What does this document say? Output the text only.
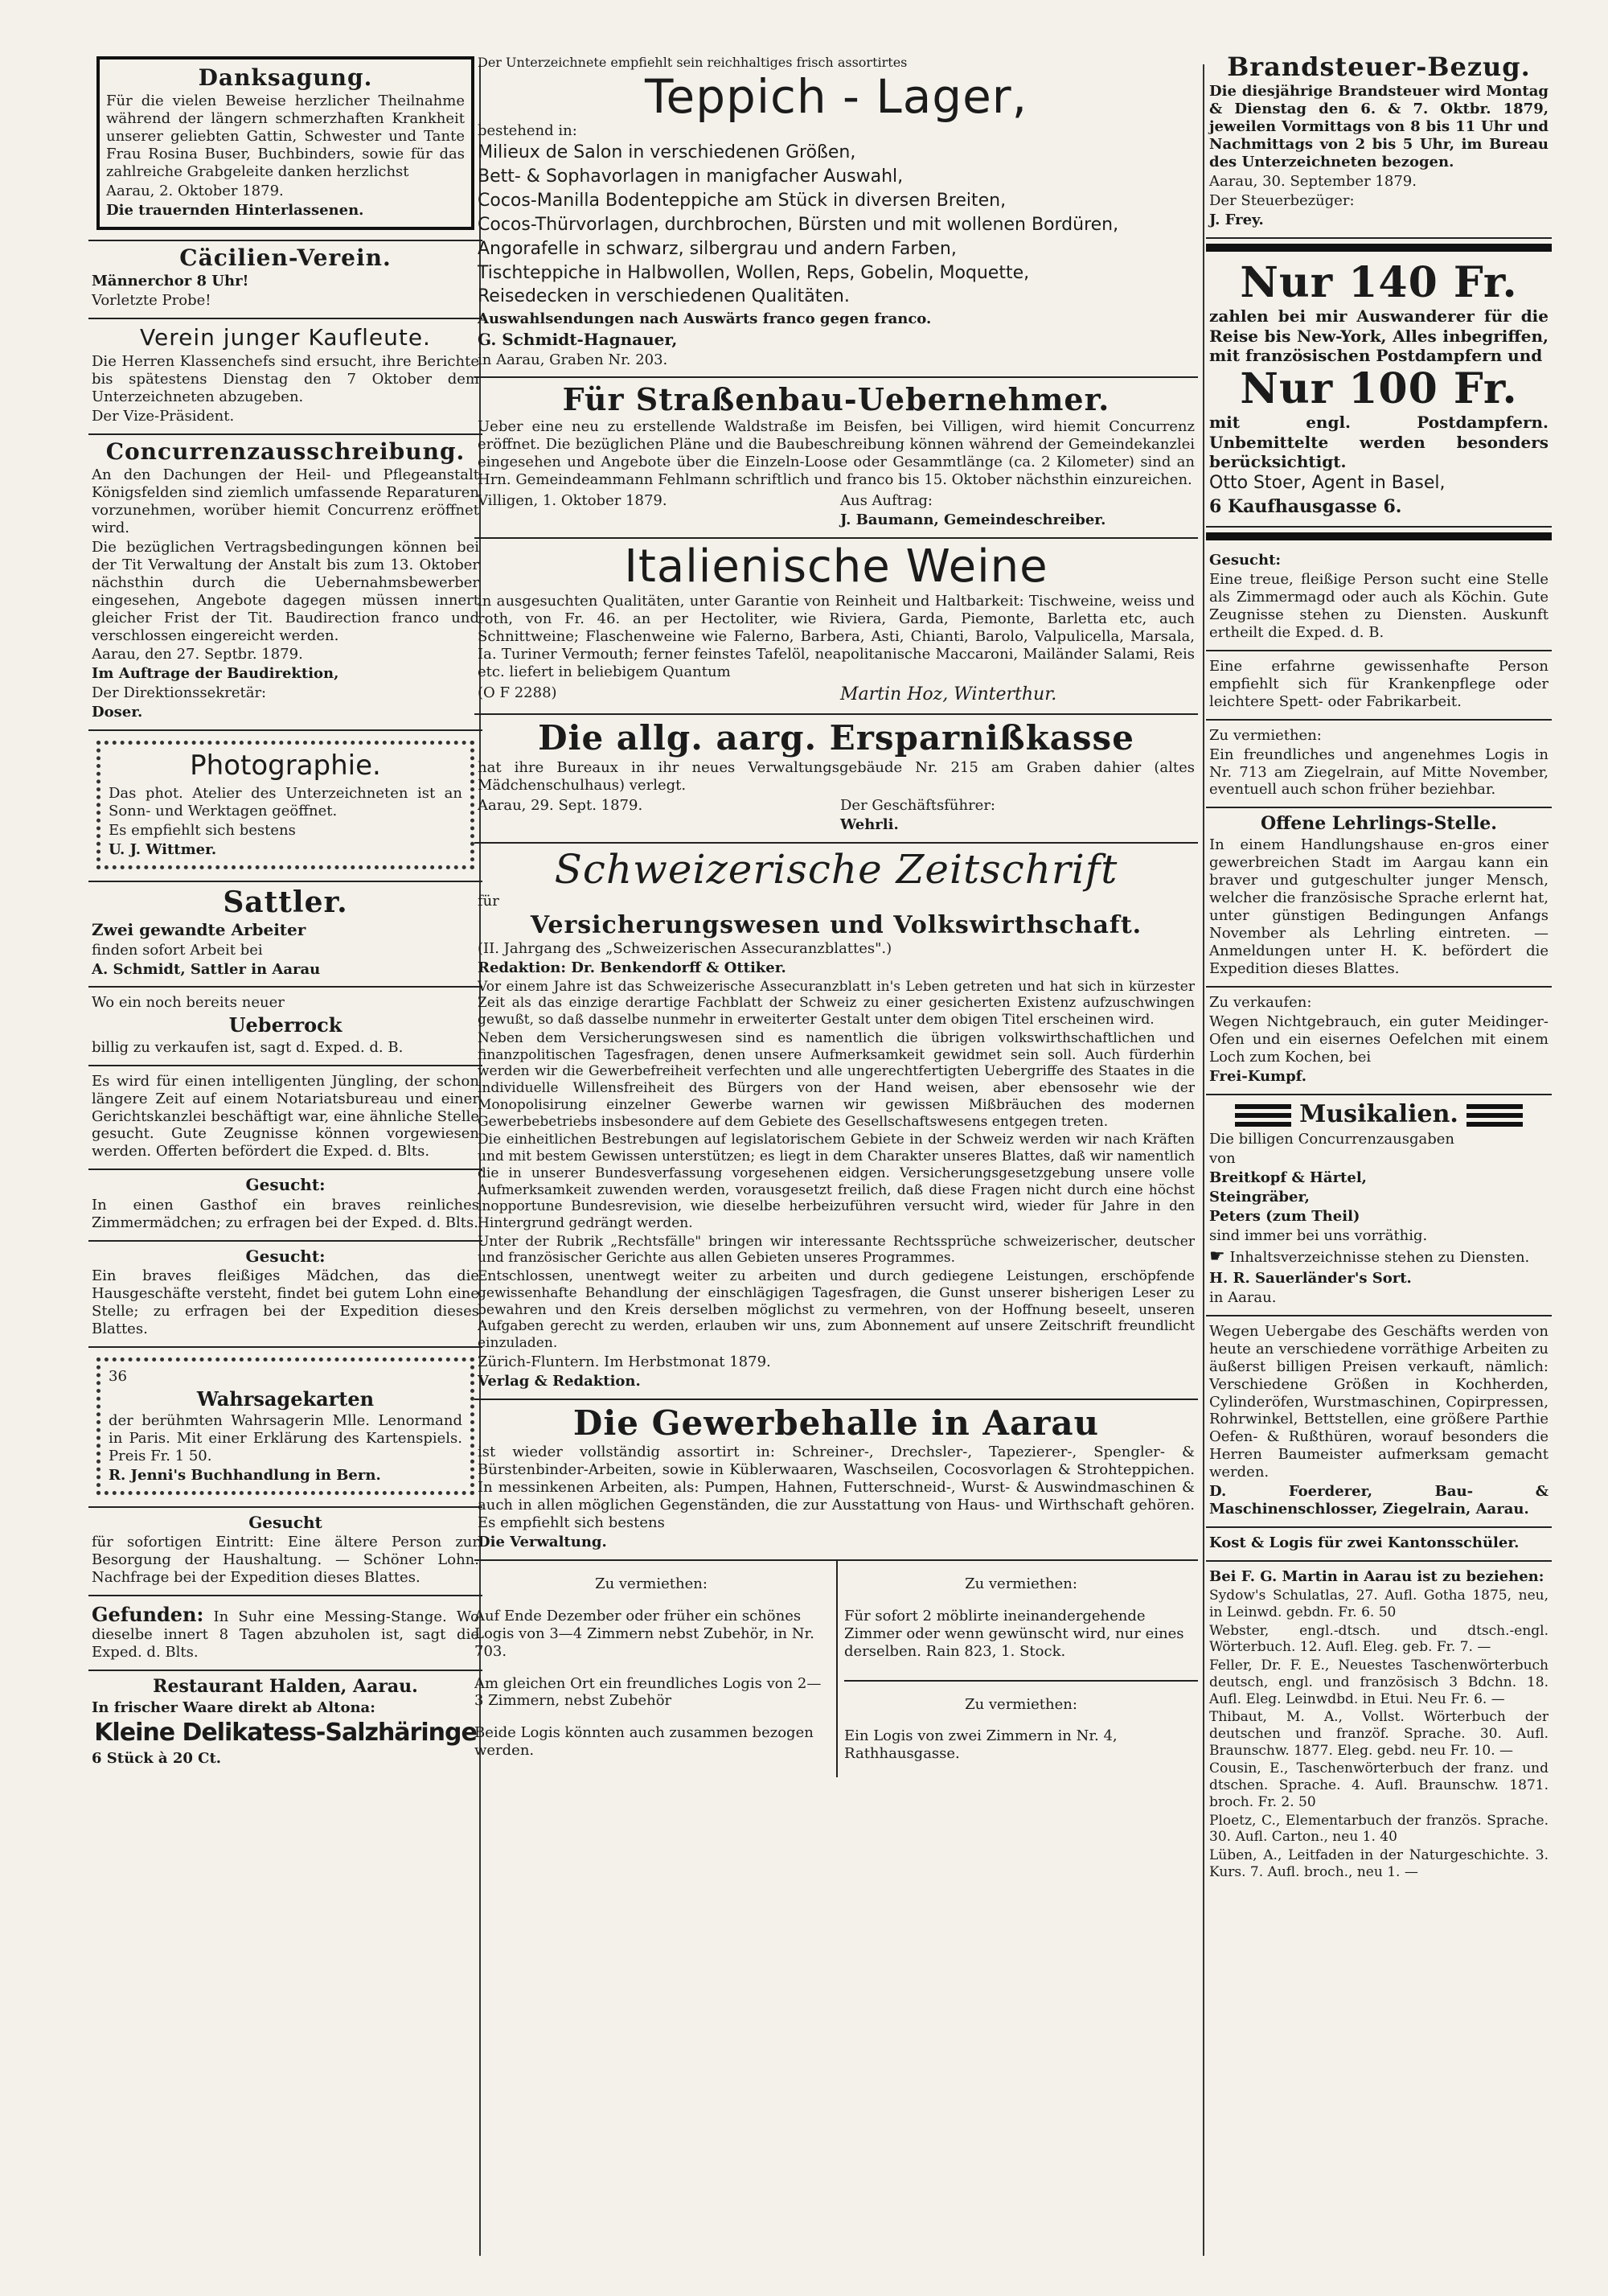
Danksagung.

Für die vielen Beweise herzlicher Theilnahme während der längern schmerzhaften Krankheit unserer geliebten Gattin, Schwester und Tante Frau Rosina Buser, Buchbinders, sowie für das zahlreiche Grabgeleite danken herzlichst

Aarau, 2. Oktober 1879.

Die trauernden Hinterlassenen.

Cäcilien-Verein.

Männerchor 8 Uhr!

Vorletzte Probe!

Verein junger Kaufleute.

Die Herren Klassenchefs sind ersucht, ihre Berichte bis spätestens Dienstag den 7 Oktober dem Unterzeichneten abzugeben.

Der Vize-Präsident.

Concurrenzausschreibung.

An den Dachungen der Heil- und Pflegeanstalt Königsfelden sind ziemlich umfassende Reparaturen vorzunehmen, worüber hiemit Concurrenz eröffnet wird.

Die bezüglichen Vertragsbedingungen können bei der Tit Verwaltung der Anstalt bis zum 13. Oktober nächsthin durch die Uebernahmsbewerber eingesehen, Angebote dagegen müssen innert gleicher Frist der Tit. Baudirection franco und verschlossen eingereicht werden.

Aarau, den 27. Septbr. 1879.

Im Auftrage der Baudirektion,

Der Direktionssekretär:

Doser.

Photographie.

Das phot. Atelier des Unterzeichneten ist an Sonn- und Werktagen geöffnet.

Es empfiehlt sich bestens

U. J. Wittmer.

Sattler.

Zwei gewandte Arbeiter

finden sofort Arbeit bei

A. Schmidt, Sattler in Aarau

Wo ein noch bereits neuer

Ueberrock

billig zu verkaufen ist, sagt d. Exped. d. B.

Es wird für einen intelligenten Jüngling, der schon längere Zeit auf einem Notariatsbureau und einer Gerichtskanzlei beschäftigt war, eine ähnliche Stelle gesucht. Gute Zeugnisse können vorgewiesen werden. Offerten befördert die Exped. d. Blts.

Gesucht:

In einen Gasthof ein braves reinliches Zimmermädchen; zu erfragen bei der Exped. d. Blts.

Gesucht:

Ein braves fleißiges Mädchen, das die Hausgeschäfte versteht, findet bei gutem Lohn eine Stelle; zu erfragen bei der Expedition dieses Blattes.

36

Wahrsagekarten

der berühmten Wahrsagerin Mlle. Lenormand in Paris. Mit einer Erklärung des Kartenspiels. Preis Fr. 1 50.

R. Jenni's Buchhandlung in Bern.

Gesucht

für sofortigen Eintritt: Eine ältere Person zur Besorgung der Haushaltung. — Schöner Lohn. Nachfrage bei der Expedition dieses Blattes.

Gefunden: In Suhr eine Messing-Stange. Wo dieselbe innert 8 Tagen abzuholen ist, sagt die Exped. d. Blts.

Restaurant Halden, Aarau.

In frischer Waare direkt ab Altona:

Kleine Delikatess-Salzhäringe

6 Stück à 20 Ct.

Der Unterzeichnete empfiehlt sein reichhaltiges frisch assortirtes

Teppich - Lager,

bestehend in:

Milieux de Salon in verschiedenen Größen,

Bett- & Sophavorlagen in manigfacher Auswahl,

Cocos-Manilla Bodenteppiche am Stück in diversen Breiten,

Cocos-Thürvorlagen, durchbrochen, Bürsten und mit wollenen Bordüren,

Angorafelle in schwarz, silbergrau und andern Farben,

Tischteppiche in Halbwollen, Wollen, Reps, Gobelin, Moquette,

Reisedecken in verschiedenen Qualitäten.

Auswahlsendungen nach Auswärts franco gegen franco.

G. Schmidt-Hagnauer,

in Aarau, Graben Nr. 203.

Für Straßenbau-Uebernehmer.

Ueber eine neu zu erstellende Waldstraße im Beisfen, bei Villigen, wird hiemit Concurrenz eröffnet. Die bezüglichen Pläne und die Baubeschreibung können während der Gemeindekanzlei eingesehen und Angebote über die Einzeln-Loose oder Gesammtlänge (ca. 2 Kilometer) sind an Hrn. Gemeindeammann Fehlmann schriftlich und franco bis 15. Oktober nächsthin einzureichen.

Villigen, 1. Oktober 1879.	Aus Auftrag:

J. Baumann, Gemeindeschreiber.

Italienische Weine

in ausgesuchten Qualitäten, unter Garantie von Reinheit und Haltbarkeit: Tischweine, weiss und roth, von Fr. 46. an per Hectoliter, wie Riviera, Garda, Piemonte, Barletta etc, auch Schnittweine; Flaschenweine wie Falerno, Barbera, Asti, Chianti, Barolo, Valpulicella, Marsala, Ia. Turiner Vermouth; ferner feinstes Tafelöl, neapolitanische Maccaroni, Mailänder Salami, Reis etc. liefert in beliebigem Quantum

(O F 2288)	Martin Hoz, Winterthur.

Die allg. aarg. Ersparnißkasse

hat ihre Bureaux in ihr neues Verwaltungsgebäude Nr. 215 am Graben dahier (altes Mädchenschulhaus) verlegt.

Aarau, 29. Sept. 1879.	Der Geschäftsführer:

Wehrli.

Schweizerische Zeitschrift

für

Versicherungswesen und Volkswirthschaft.

(II. Jahrgang des „Schweizerischen Assecuranzblattes".)

Redaktion: Dr. Benkendorff & Ottiker.

Vor einem Jahre ist das Schweizerische Assecuranzblatt in's Leben getreten und hat sich in kürzester Zeit als das einzige derartige Fachblatt der Schweiz zu einer gesicherten Existenz aufzuschwingen gewußt, so daß dasselbe nunmehr in erweiterter Gestalt unter dem obigen Titel erscheinen wird.

Neben dem Versicherungswesen sind es namentlich die übrigen volkswirthschaftlichen und finanzpolitischen Tagesfragen, denen unsere Aufmerksamkeit gewidmet sein soll. Auch fürderhin werden wir die Gewerbefreiheit verfechten und alle ungerechtfertigten Uebergriffe des Staates in die individuelle Willensfreiheit des Bürgers von der Hand weisen, aber ebensosehr wie der Monopolisirung einzelner Gewerbe warnen wir gewissen Mißbräuchen des modernen Gewerbebetriebs insbesondere auf dem Gebiete des Gesellschaftswesens entgegen treten.

Die einheitlichen Bestrebungen auf legislatorischem Gebiete in der Schweiz werden wir nach Kräften und mit bestem Gewissen unterstützen; es liegt in dem Charakter unseres Blattes, daß wir namentlich die in unserer Bundesverfassung vorgesehenen eidgen. Versicherungsgesetzgebung unsere volle Aufmerksamkeit zuwenden werden, vorausgesetzt freilich, daß diese Fragen nicht durch eine höchst inopportune Bundesrevision, wie dieselbe herbeizuführen versucht wird, wieder für Jahre in den Hintergrund gedrängt werden.

Unter der Rubrik „Rechtsfälle" bringen wir interessante Rechtssprüche schweizerischer, deutscher und französischer Gerichte aus allen Gebieten unseres Programmes.

Entschlossen, unentwegt weiter zu arbeiten und durch gediegene Leistungen, erschöpfende gewissenhafte Behandlung der einschlägigen Tagesfragen, die Gunst unserer bisherigen Leser zu bewahren und den Kreis derselben möglichst zu vermehren, von der Hoffnung beseelt, unseren Aufgaben gerecht zu werden, erlauben wir uns, zum Abonnement auf unsere Zeitschrift freundlicht einzuladen.

Zürich-Fluntern. Im Herbstmonat 1879.

Verlag & Redaktion.

Die Gewerbehalle in Aarau

ist wieder vollständig assortirt in: Schreiner-, Drechsler-, Tapezierer-, Spengler- & Bürstenbinder-Arbeiten, sowie in Küblerwaaren, Waschseilen, Cocosvorlagen & Strohteppichen. In messinkenen Arbeiten, als: Pumpen, Hahnen, Futterschneid-, Wurst- & Auswindmaschinen & auch in allen möglichen Gegenständen, die zur Ausstattung von Haus- und Wirthschaft gehören. Es empfiehlt sich bestens

Die Verwaltung.

Zu vermiethen:

Auf Ende Dezember oder früher ein schönes Logis von 3—4 Zimmern nebst Zubehör, in Nr. 703.

Am gleichen Ort ein freundliches Logis von 2—3 Zimmern, nebst Zubehör

Beide Logis könnten auch zusammen bezogen werden.

Zu vermiethen:

Für sofort 2 möblirte ineinandergehende Zimmer oder wenn gewünscht wird, nur eines derselben. Rain 823, 1. Stock.

Zu vermiethen:

Ein Logis von zwei Zimmern in Nr. 4, Rathhausgasse.

Brandsteuer-Bezug.

Die diesjährige Brandsteuer wird Montag & Dienstag den 6. & 7. Oktbr. 1879, jeweilen Vormittags von 8 bis 11 Uhr und Nachmittags von 2 bis 5 Uhr, im Bureau des Unterzeichneten bezogen.

Aarau, 30. September 1879.

Der Steuerbezüger:

J. Frey.

Nur 140 Fr.

zahlen bei mir Auswanderer für die Reise bis New-York, Alles inbegriffen, mit französischen Postdampfern und

Nur 100 Fr.

mit engl. Postdampfern. Unbemittelte werden besonders berücksichtigt.

Otto Stoer, Agent in Basel,

6 Kaufhausgasse 6.

Gesucht:

Eine treue, fleißige Person sucht eine Stelle als Zimmermagd oder auch als Köchin. Gute Zeugnisse stehen zu Diensten. Auskunft ertheilt die Exped. d. B.

Eine erfahrne gewissenhafte Person empfiehlt sich für Krankenpflege oder leichtere Spett- oder Fabrikarbeit.

Zu vermiethen:

Ein freundliches und angenehmes Logis in Nr. 713 am Ziegelrain, auf Mitte November, eventuell auch schon früher beziehbar.

Offene Lehrlings-Stelle.

In einem Handlungshause en-gros einer gewerbreichen Stadt im Aargau kann ein braver und gutgeschulter junger Mensch, welcher die französische Sprache erlernt hat, unter günstigen Bedingungen Anfangs November als Lehrling eintreten. — Anmeldungen unter H. K. befördert die Expedition dieses Blattes.

Zu verkaufen:

Wegen Nichtgebrauch, ein guter Meidinger-Ofen und ein eisernes Oefelchen mit einem Loch zum Kochen, bei

Frei-Kumpf.

Musikalien.

Die billigen Concurrenzausgaben

von

Breitkopf & Härtel,

Steingräber,

Peters (zum Theil)

sind immer bei uns vorräthig.

☛ Inhaltsverzeichnisse stehen zu Diensten.

H. R. Sauerländer's Sort.

in Aarau.

Wegen Uebergabe des Geschäfts werden von heute an verschiedene vorräthige Arbeiten zu äußerst billigen Preisen verkauft, nämlich: Verschiedene Größen in Kochherden, Cylinderöfen, Wurstmaschinen, Copirpressen, Rohrwinkel, Bettstellen, eine größere Parthie Oefen- & Rußthüren, worauf besonders die Herren Baumeister aufmerksam gemacht werden.

D. Foerderer, Bau- & Maschinenschlosser, Ziegelrain, Aarau.

Kost & Logis für zwei Kantonsschüler.

Bei F. G. Martin in Aarau ist zu beziehen:

Sydow's Schulatlas, 27. Aufl. Gotha 1875, neu, in Leinwd. gebdn. Fr. 6. 50

Webster, engl.-dtsch. und dtsch.-engl. Wörterbuch. 12. Aufl. Eleg. geb. Fr. 7. —

Feller, Dr. F. E., Neuestes Taschenwörterbuch deutsch, engl. und französisch 3 Bdchn. 18. Aufl. Eleg. Leinwdbd. in Etui. Neu Fr. 6. —

Thibaut, M. A., Vollst. Wörterbuch der deutschen und franzöf. Sprache. 30. Aufl. Braunschw. 1877. Eleg. gebd. neu Fr. 10. —

Cousin, E., Taschenwörterbuch der franz. und dtschen. Sprache. 4. Aufl. Braunschw. 1871. broch. Fr. 2. 50

Ploetz, C., Elementarbuch der französ. Sprache. 30. Aufl. Carton., neu 1. 40

Lüben, A., Leitfaden in der Naturgeschichte. 3. Kurs. 7. Aufl. broch., neu 1. —
